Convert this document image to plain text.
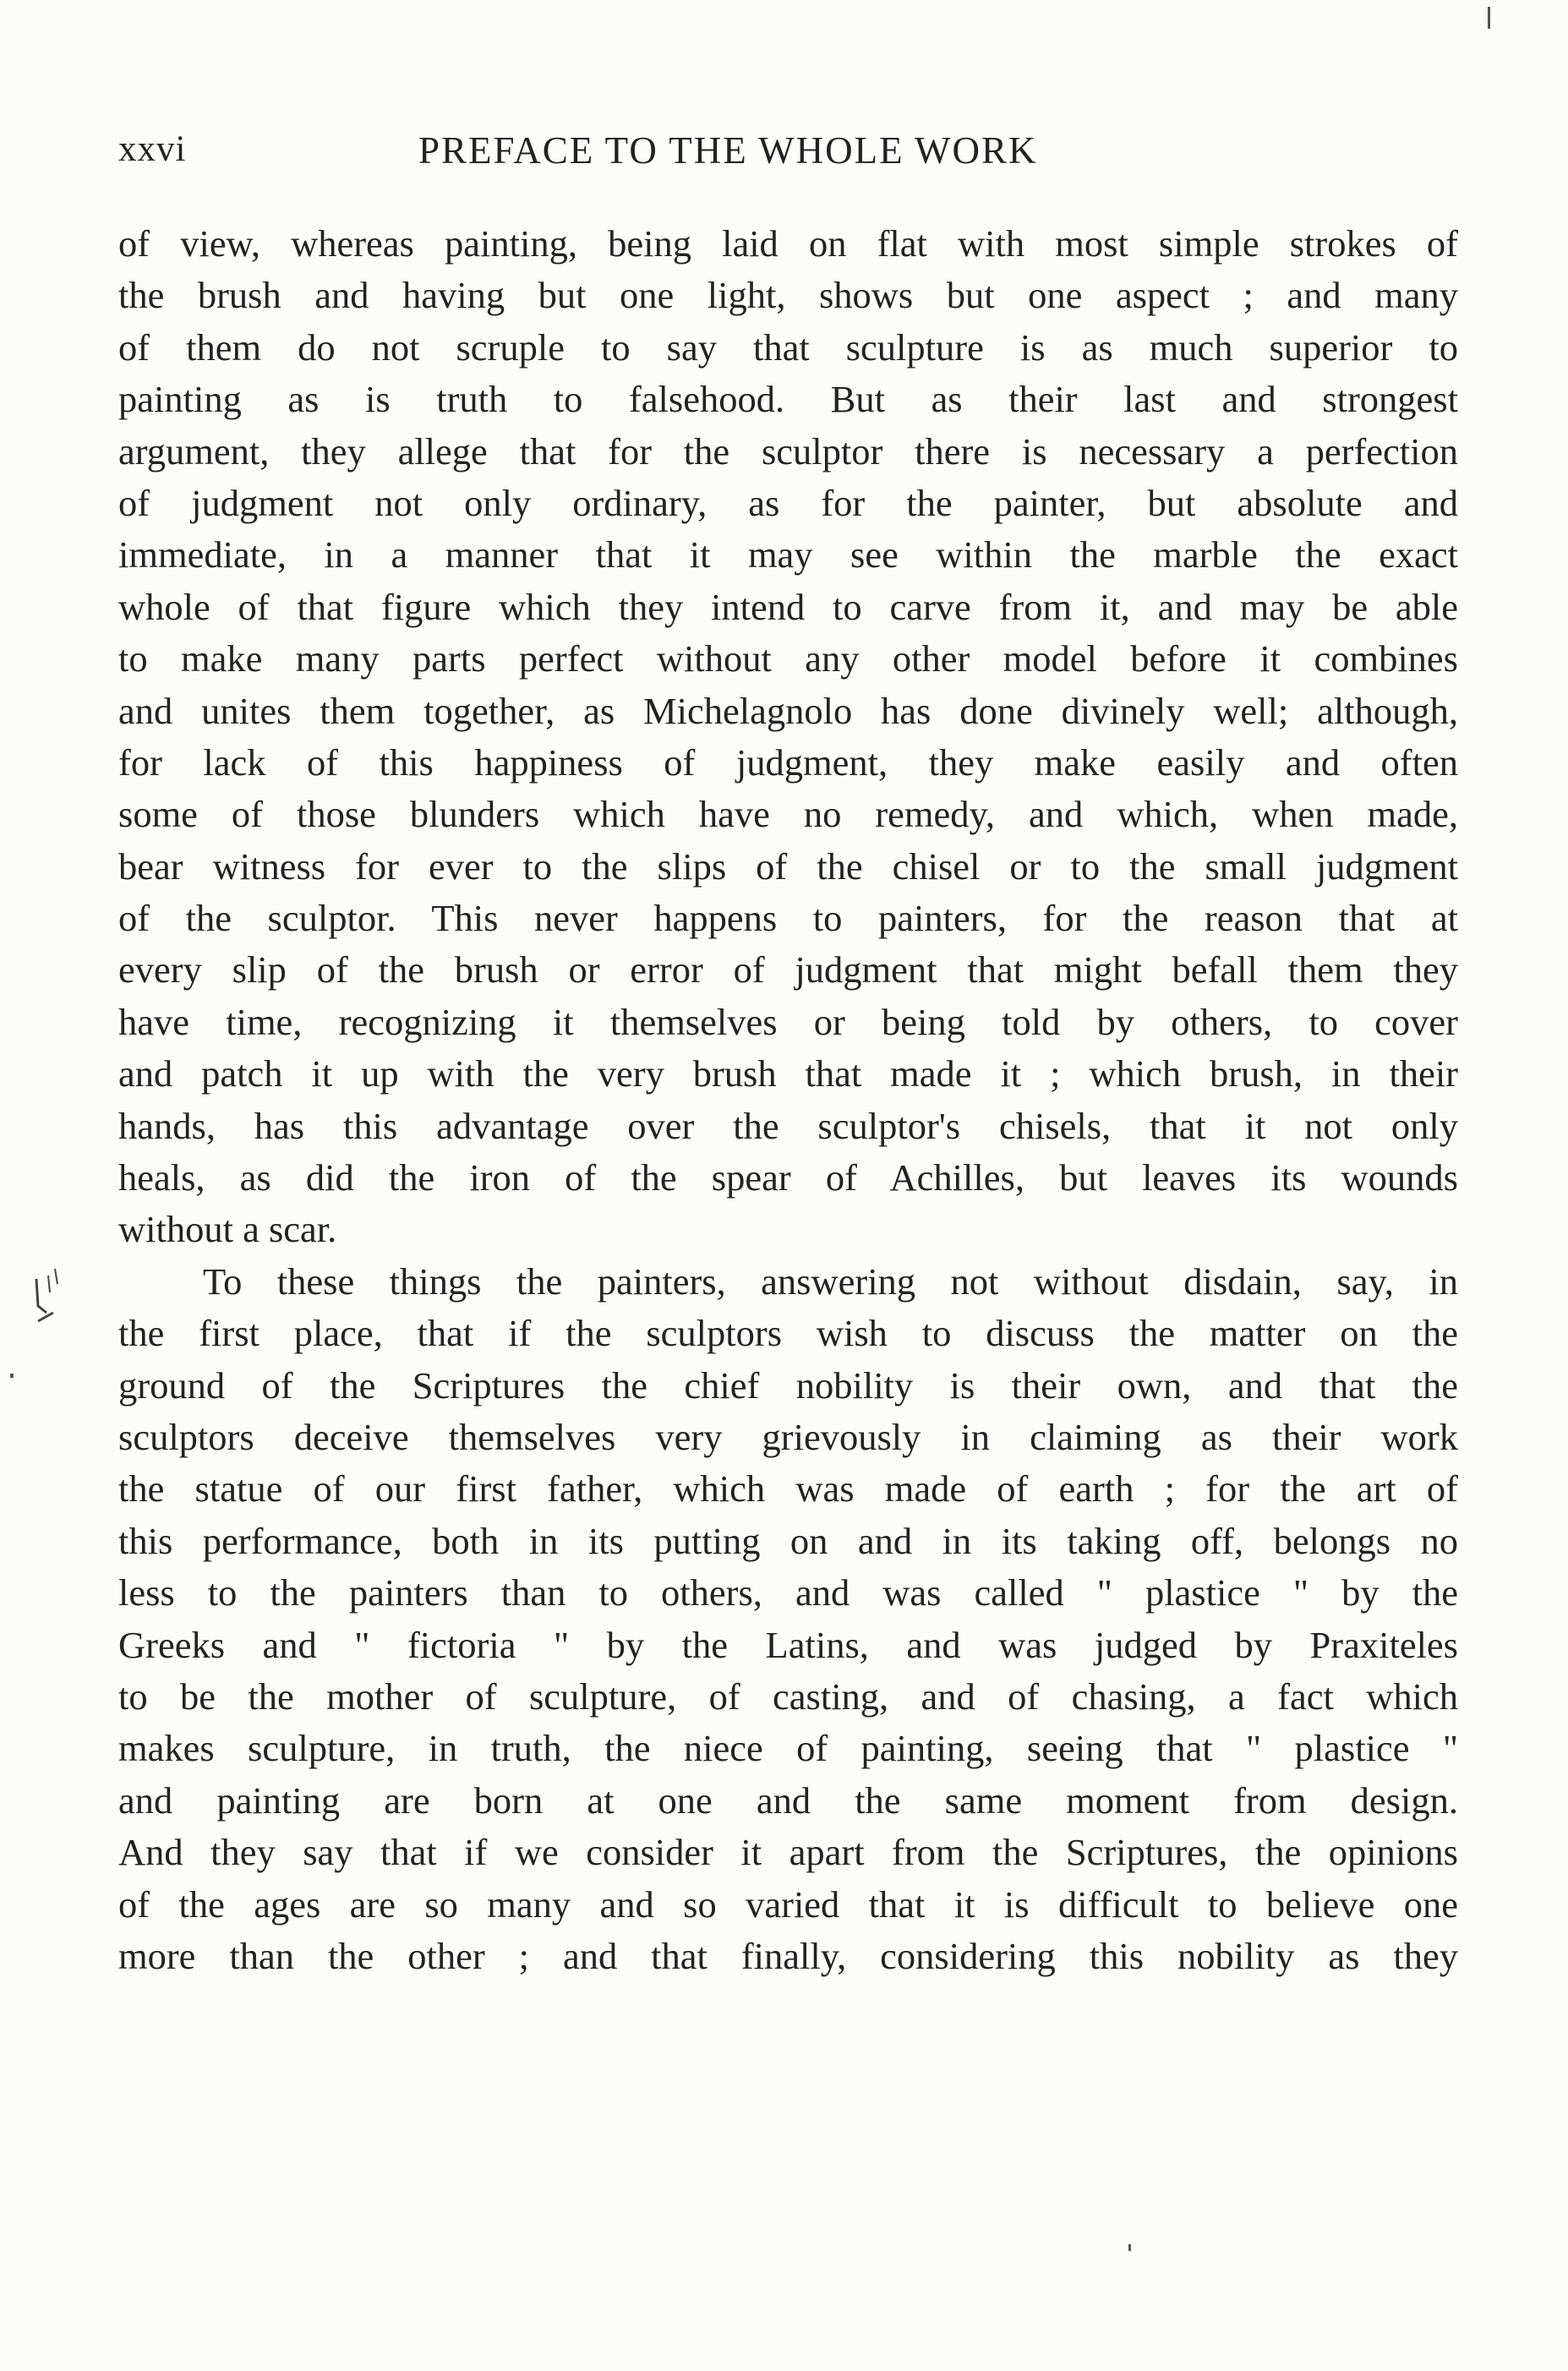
xxvi	PREFACE TO THE WHOLE WORK
of view, whereas painting, being laid on flat with most simple strokes of
the brush and having but one light, shows but one aspect ; and many
of them do not scruple to say that sculpture is as much superior to
painting as is truth to falsehood. But as their last and strongest
argument, they allege that for the sculptor there is necessary a perfection
of judgment not only ordinary, as for the painter, but absolute and
immediate, in a manner that it may see within the marble the exact
whole of that figure which they intend to carve from it, and may be able
to make many parts perfect without any other model before it combines
and unites them together, as Michelagnolo has done divinely well; although,
for lack of this happiness of judgment, they make easily and often
some of those blunders which have no remedy, and which, when made,
bear witness for ever to the slips of the chisel or to the small judgment
of the sculptor. This never happens to painters, for the reason that at
every slip of the brush or error of judgment that might befall them they
have time, recognizing it themselves or being told by others, to cover
and patch it up with the very brush that made it ; which brush, in their
hands, has this advantage over the sculptor's chisels, that it not only
heals, as did the iron of the spear of Achilles, but leaves its wounds
without a scar.
To these things the painters, answering not without disdain, say, in
the first place, that if the sculptors wish to discuss the matter on the
ground of the Scriptures the chief nobility is their own, and that the
sculptors deceive themselves very grievously in claiming as their work
the statue of our first father, which was made of earth ; for the art of
this performance, both in its putting on and in its taking off, belongs no
less to the painters than to others, and was called " plastice " by the
Greeks and " fictoria " by the Latins, and was judged by Praxiteles
to be the mother of sculpture, of casting, and of chasing, a fact which
makes sculpture, in truth, the niece of painting, seeing that " plastice "
and painting are born at one and the same moment from design.
And they say that if we consider it apart from the Scriptures, the opinions
of the ages are so many and so varied that it is difficult to believe one
more than the other ; and that finally, considering this nobility as they
